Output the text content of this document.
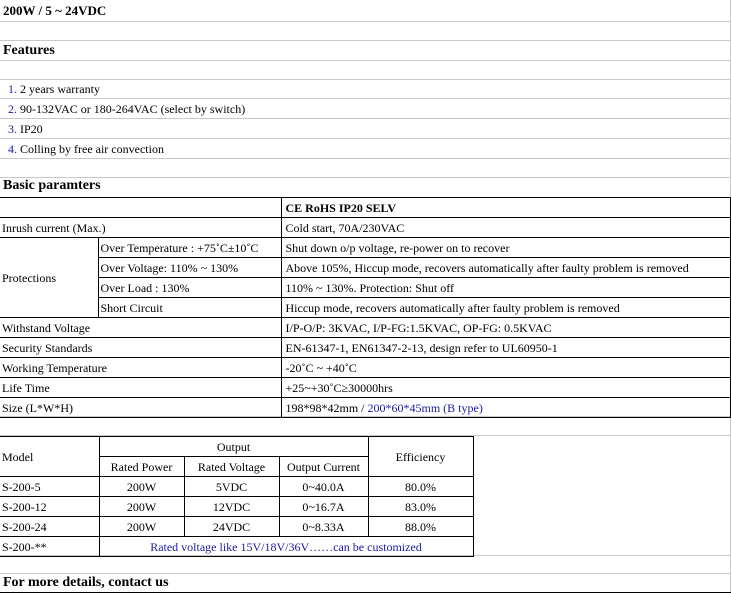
200W / 5 ~ 24VDC
Features
1. 2 years warranty
2. 90-132VAC or 180-264VAC (select by switch)
3. IP20
4. Colling by free air convection
Basic paramters
		CE RoHS IP20 SELV
Inrush current (Max.)		Cold start, 70A/230VAC
Protections	Over Temperature : +75˚C±10˚C	Shut down o/p voltage, re-power on to recover
	Over Voltage: 110% ~ 130%	Above 105%, Hiccup mode, recovers automatically after faulty problem is removed
	Over Load : 130%	110% ~ 130%. Protection: Shut off
	Short Circuit	Hiccup mode, recovers automatically after faulty problem is removed
Withstand Voltage		I/P-O/P: 3KVAC, I/P-FG:1.5KVAC, OP-FG: 0.5KVAC
Security Standards		EN-61347-1, EN61347-2-13, design refer to UL60950-1
Working Temperature		-20˚C ~ +40˚C
Life Time		+25~+30˚C≥30000hrs
Size (L*W*H)		198*98*42mm / 200*60*45mm (B type)
Model	Output			Efficiency
	Rated Power	Rated Voltage	Output Current	
S-200-5	200W	5VDC	0~40.0A	80.0%
S-200-12	200W	12VDC	0~16.7A	83.0%
S-200-24	200W	24VDC	0~8.33A	88.0%
S-200-**	Rated voltage like 15V/18V/36V……can be customized			
For more details, contact us
